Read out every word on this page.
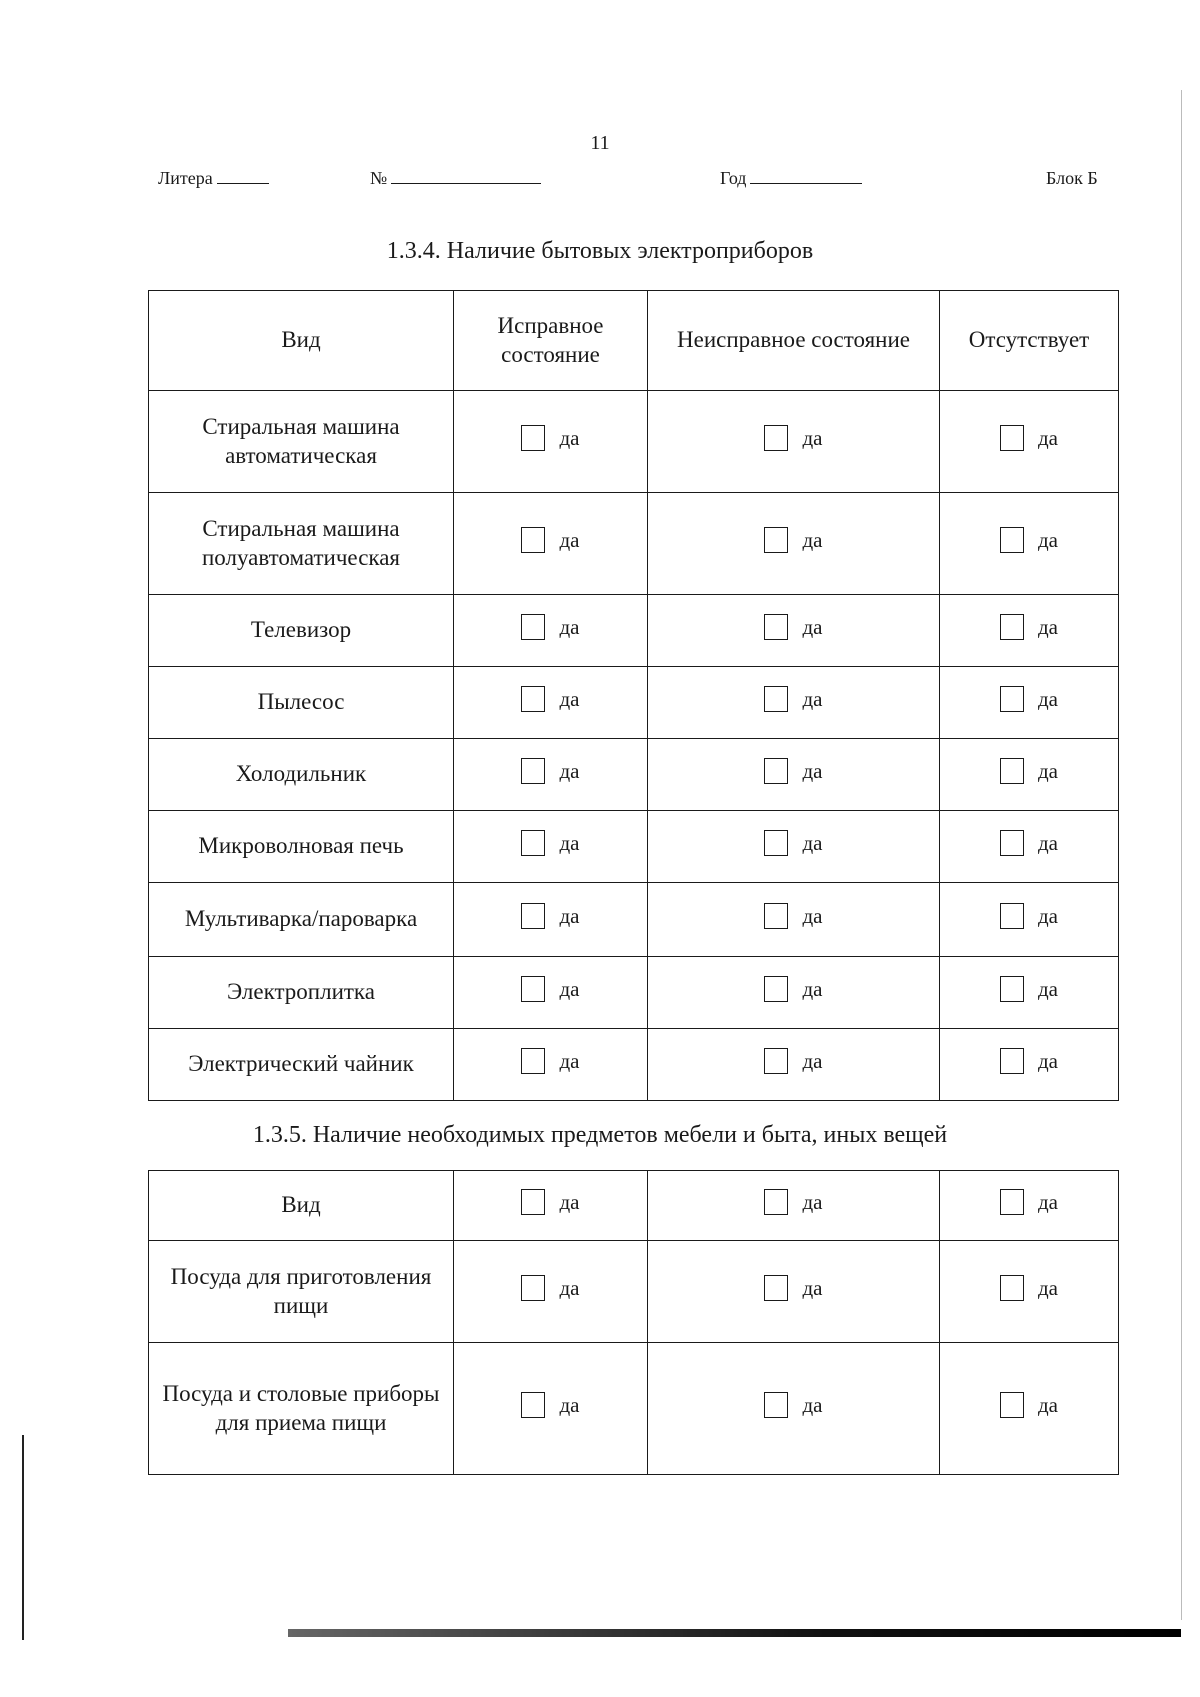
11
Литера	№	Год	Блок Б
1.3.4. Наличие бытовых электроприборов
Вид	Исправное состояние	Неисправное состояние	Отсутствует
Стиральная машина автоматическая	да	да	да

Стиральная машина полуавтоматическая	да	да	да

Телевизор	да	да	да

Пылесос	да	да	да

Холодильник	да	да	да

Микроволновая печь	да	да	да

Мультиварка/пароварка	да	да	да

Электроплитка	да	да	да

Электрический чайник	да	да	да
1.3.5. Наличие необходимых предметов мебели и быта, иных вещей
Вид	да	да	да

Посуда для приготовления пищи	да	да	да

Посуда и столовые приборы для приема пищи	да	да	да
